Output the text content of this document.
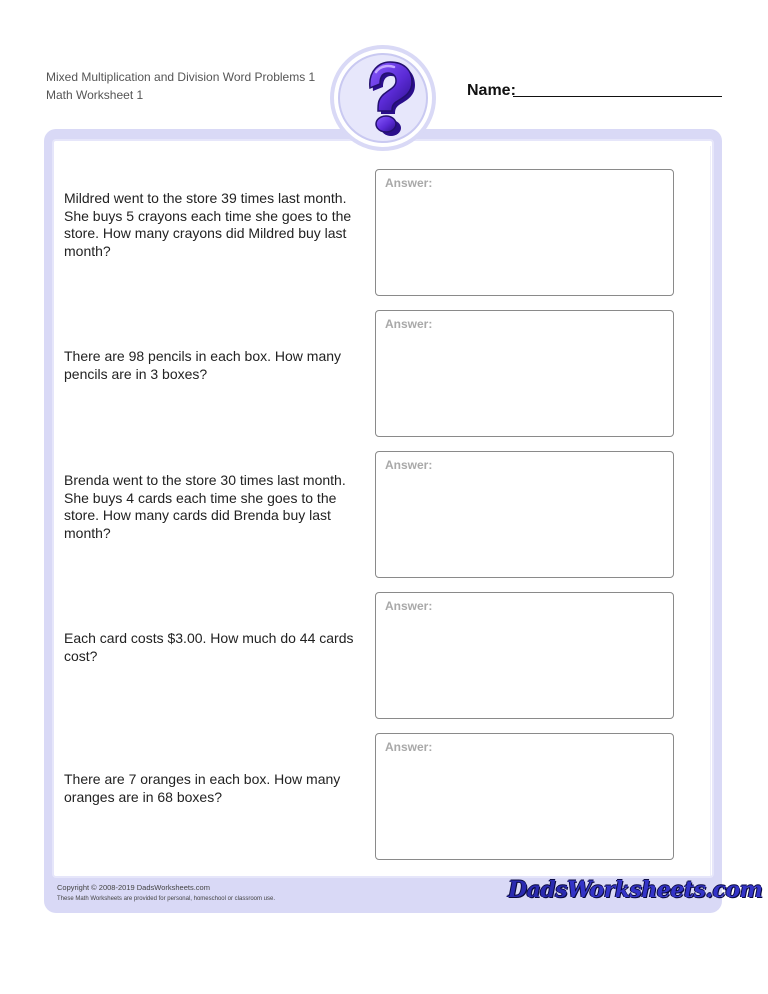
Mixed Multiplication and Division Word Problems 1
Math Worksheet 1	Name:
Mildred went to the store 39 times last month. She buys 5 crayons each time she goes to the store. How many crayons did Mildred buy last month?
Answer:
There are 98 pencils in each box. How many pencils are in 3 boxes?
Answer:
Brenda went to the store 30 times last month. She buys 4 cards each time she goes to the store. How many cards did Brenda buy last month?
Answer:
Each card costs $3.00. How much do 44 cards cost?
Answer:
There are 7 oranges in each box. How many oranges are in 68 boxes?
Answer:
Copyright © 2008-2019 DadsWorksheets.com
These Math Worksheets are provided for personal, homeschool or classroom use.	DadsWorksheets.com
